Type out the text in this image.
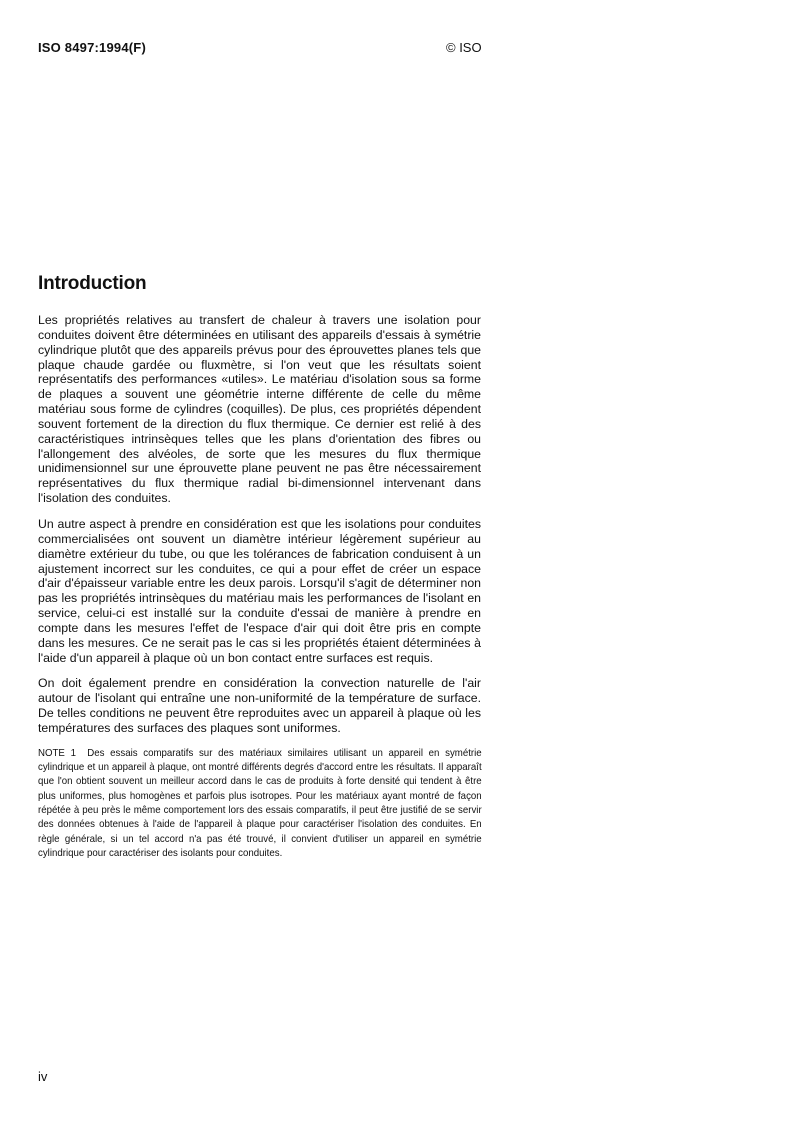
ISO 8497:1994(F)	© ISO
Introduction

Les propriétés relatives au transfert de chaleur à travers une isolation pour conduites doivent être déterminées en utilisant des appareils d'essais à symétrie cylindrique plutôt que des appareils prévus pour des éprouvettes planes tels que plaque chaude gardée ou fluxmètre, si l'on veut que les résultats soient représentatifs des performances «utiles». Le matériau d'isolation sous sa forme de plaques a souvent une géométrie interne différente de celle du même matériau sous forme de cylindres (coquilles). De plus, ces propriétés dépendent souvent fortement de la direction du flux thermique. Ce dernier est relié à des caractéristiques intrinsèques telles que les plans d'orientation des fibres ou l'allongement des alvéoles, de sorte que les mesures du flux thermique unidimensionnel sur une éprouvette plane peuvent ne pas être nécessairement représentatives du flux thermique radial bi-dimensionnel intervenant dans l'isolation des conduites.

Un autre aspect à prendre en considération est que les isolations pour conduites commercialisées ont souvent un diamètre intérieur légèrement supérieur au diamètre extérieur du tube, ou que les tolérances de fabrication conduisent à un ajustement incorrect sur les conduites, ce qui a pour effet de créer un espace d'air d'épaisseur variable entre les deux parois. Lorsqu'il s'agit de déterminer non pas les propriétés intrinsèques du matériau mais les performances de l'isolant en service, celui-ci est installé sur la conduite d'essai de manière à prendre en compte dans les mesures l'effet de l'espace d'air qui doit être pris en compte dans les mesures. Ce ne serait pas le cas si les propriétés étaient déterminées à l'aide d'un appareil à plaque où un bon contact entre surfaces est requis.

On doit également prendre en considération la convection naturelle de l'air autour de l'isolant qui entraîne une non-uniformité de la température de surface. De telles conditions ne peuvent être reproduites avec un appareil à plaque où les températures des surfaces des plaques sont uniformes.

NOTE 1 Des essais comparatifs sur des matériaux similaires utilisant un appareil en symétrie cylindrique et un appareil à plaque, ont montré différents degrés d'accord entre les résultats. Il apparaît que l'on obtient souvent un meilleur accord dans le cas de produits à forte densité qui tendent à être plus uniformes, plus homogènes et parfois plus isotropes. Pour les matériaux ayant montré de façon répétée à peu près le même comportement lors des essais comparatifs, il peut être justifié de se servir des données obtenues à l'aide de l'appareil à plaque pour caractériser l'isolation des conduites. En règle générale, si un tel accord n'a pas été trouvé, il convient d'utiliser un appareil en symétrie cylindrique pour caractériser des isolants pour conduites.

iv
